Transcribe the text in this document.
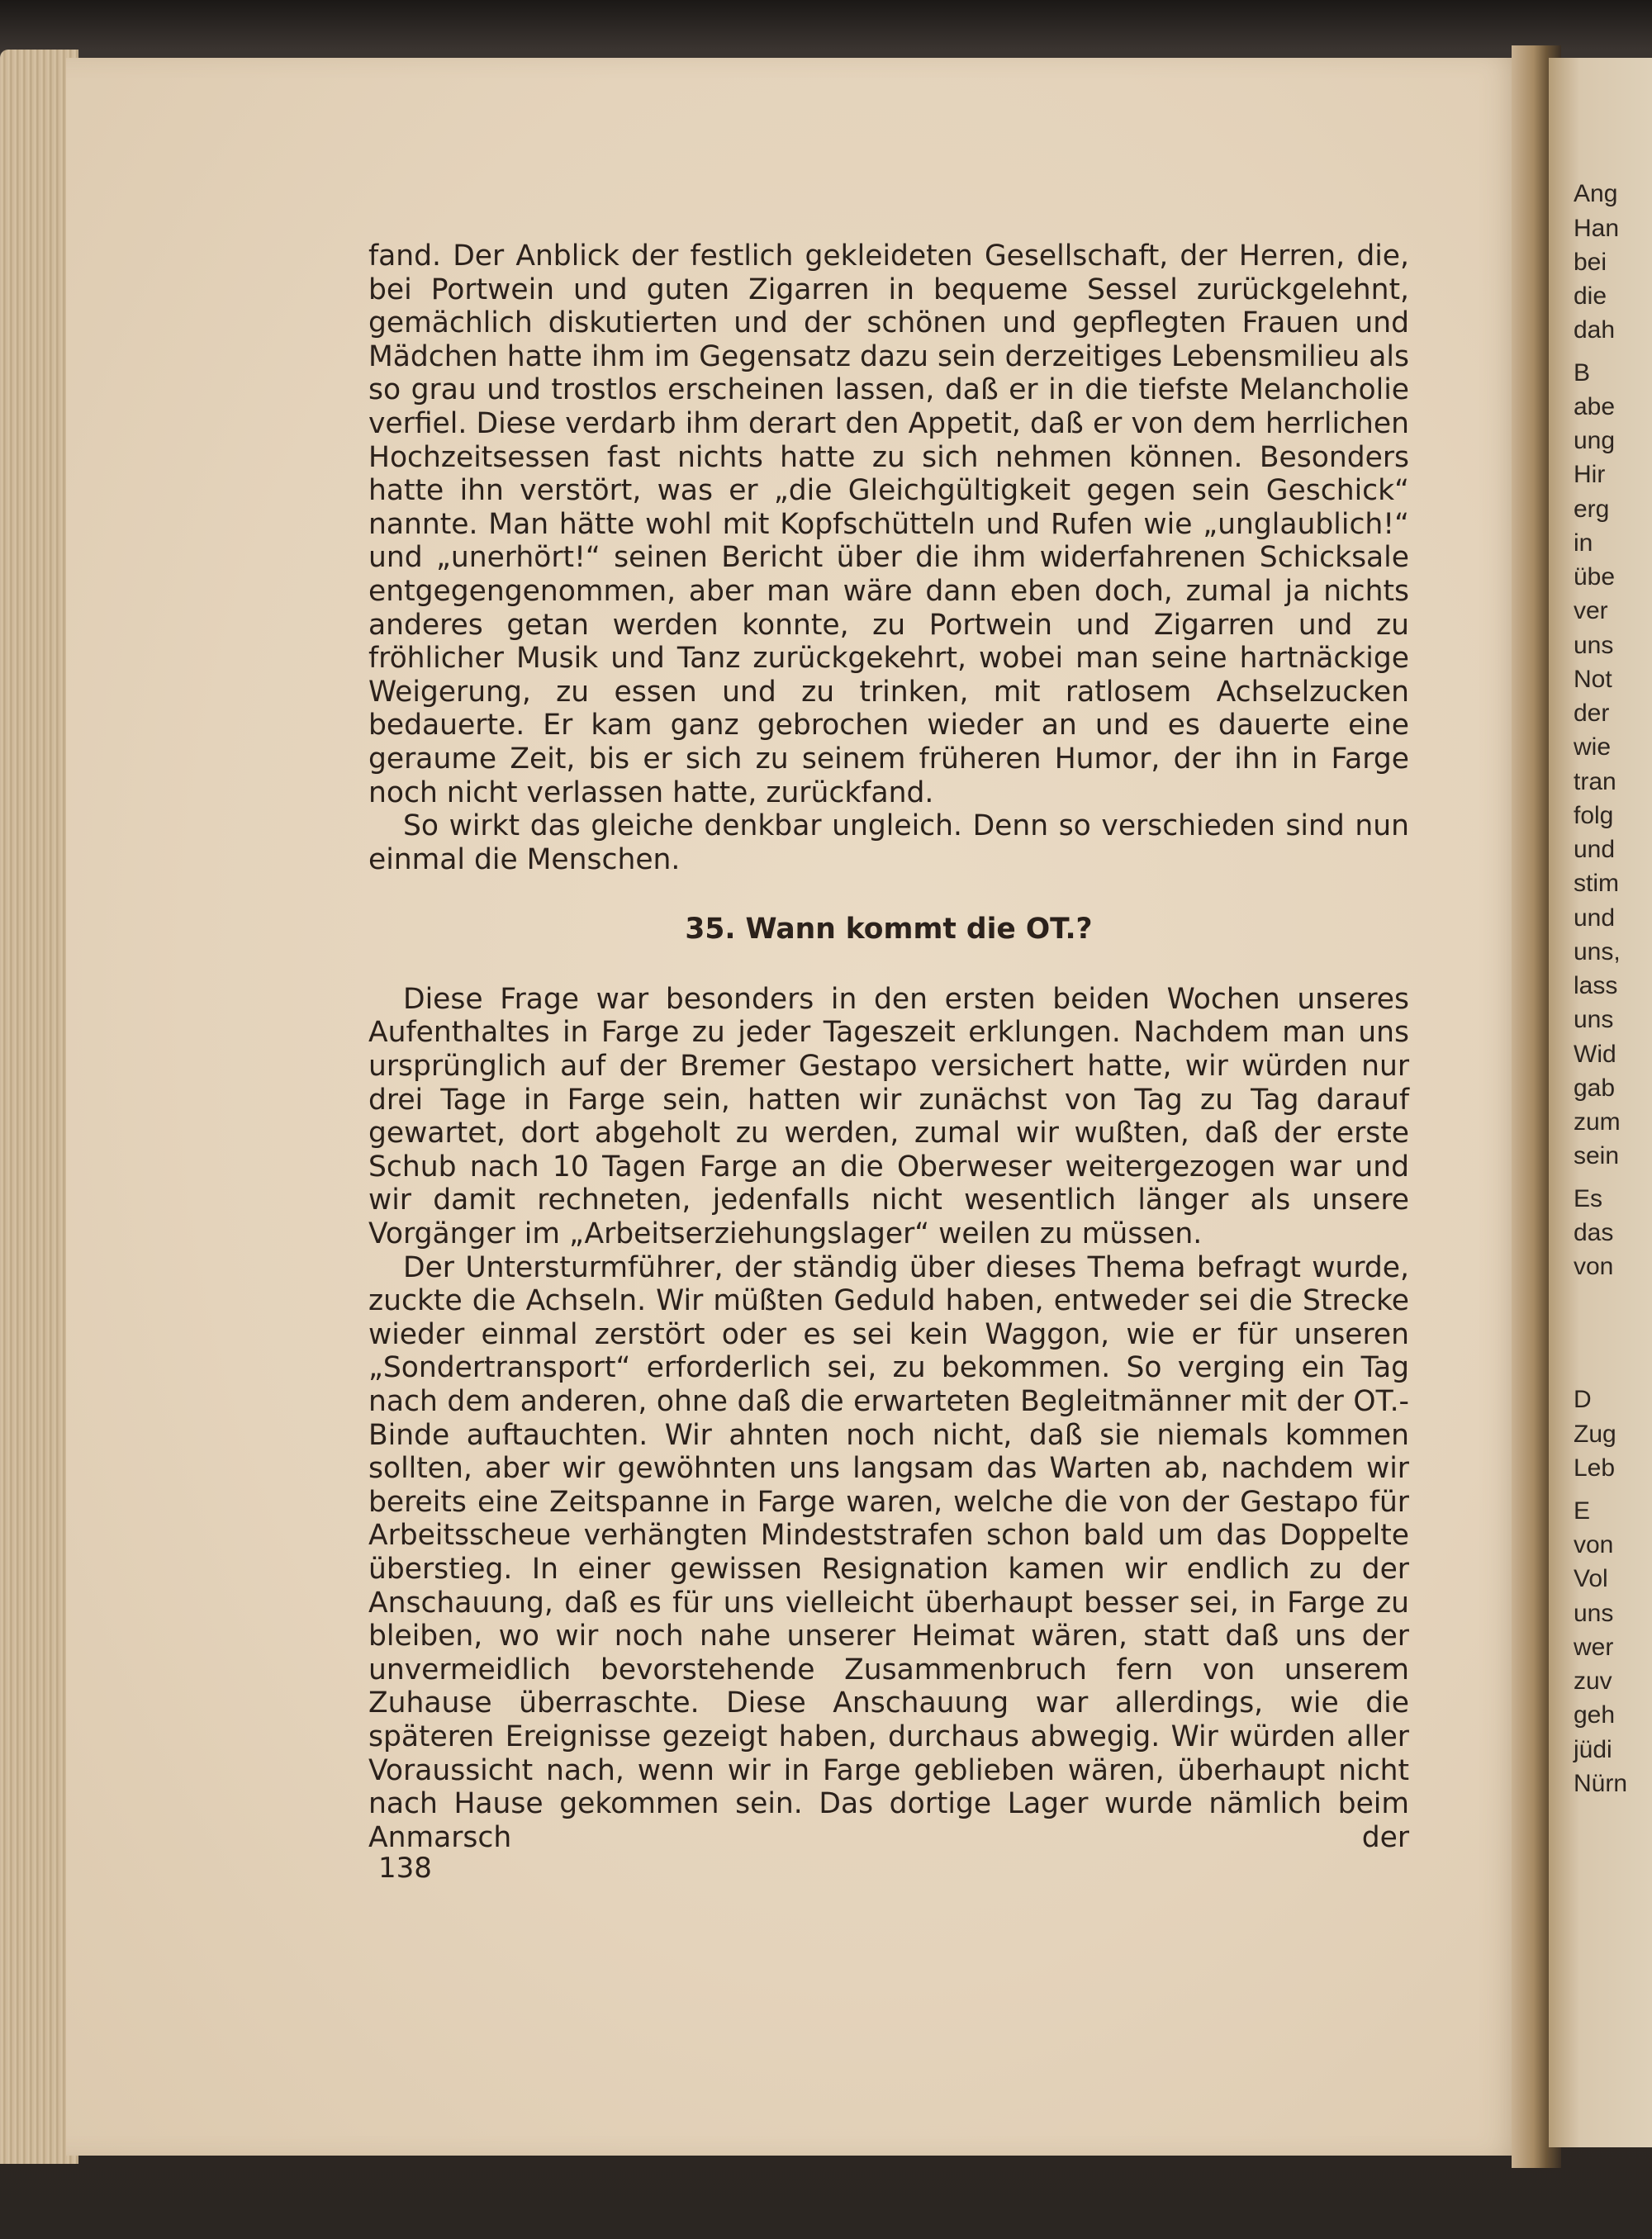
Ang
Han
bei
die
dah
B
abe
ung
Hir
erg
in
übe
ver
uns
Not
der
wie
tran
folg
und
stim
und
uns,
lass
uns
Wid
gab
zum
sein
Es
das
von
D
Zug
Leb
E
von
Vol
uns
wer
zuv
geh
jüdi
Nürn

fand. Der Anblick der festlich gekleideten Gesellschaft, der Herren, die, bei Portwein und guten Zigarren in bequeme Sessel zurückgelehnt, gemächlich diskutierten und der schönen und gepflegten Frauen und Mädchen hatte ihm im Gegensatz dazu sein derzeitiges Lebensmilieu als so grau und trostlos erscheinen lassen, daß er in die tiefste Melancholie verfiel. Diese verdarb ihm derart den Appetit, daß er von dem herrlichen Hochzeitsessen fast nichts hatte zu sich nehmen können. Besonders hatte ihn verstört, was er „die Gleichgültigkeit gegen sein Geschick“ nannte. Man hätte wohl mit Kopfschütteln und Rufen wie „unglaublich!“ und „unerhört!“ seinen Bericht über die ihm widerfahrenen Schicksale entgegengenommen, aber man wäre dann eben doch, zumal ja nichts anderes getan werden konnte, zu Portwein und Zigarren und zu fröhlicher Musik und Tanz zurückgekehrt, wobei man seine hartnäckige Weigerung, zu essen und zu trinken, mit ratlosem Achselzucken bedauerte. Er kam ganz gebrochen wieder an und es dauerte eine geraume Zeit, bis er sich zu seinem früheren Humor, der ihn in Farge noch nicht verlassen hatte, zurückfand.

So wirkt das gleiche denkbar ungleich. Denn so verschieden sind nun einmal die Menschen.

35. Wann kommt die OT.?

Diese Frage war besonders in den ersten beiden Wochen unseres Aufenthaltes in Farge zu jeder Tageszeit erklungen. Nachdem man uns ursprünglich auf der Bremer Gestapo versichert hatte, wir würden nur drei Tage in Farge sein, hatten wir zunächst von Tag zu Tag darauf gewartet, dort abgeholt zu werden, zumal wir wußten, daß der erste Schub nach 10 Tagen Farge an die Oberweser weitergezogen war und wir damit rechneten, jedenfalls nicht wesentlich länger als unsere Vorgänger im „Arbeitserziehungslager“ weilen zu müssen.

Der Untersturmführer, der ständig über dieses Thema befragt wurde, zuckte die Achseln. Wir müßten Geduld haben, entweder sei die Strecke wieder einmal zerstört oder es sei kein Waggon, wie er für unseren „Sondertransport“ erforderlich sei, zu bekommen. So verging ein Tag nach dem anderen, ohne daß die erwarteten Begleitmänner mit der OT.-Binde auftauchten. Wir ahnten noch nicht, daß sie niemals kommen sollten, aber wir gewöhnten uns langsam das Warten ab, nachdem wir bereits eine Zeitspanne in Farge waren, welche die von der Gestapo für Arbeitsscheue verhängten Mindeststrafen schon bald um das Doppelte überstieg. In einer gewissen Resignation kamen wir endlich zu der Anschauung, daß es für uns vielleicht überhaupt besser sei, in Farge zu bleiben, wo wir noch nahe unserer Heimat wären, statt daß uns der unvermeidlich bevorstehende Zusammenbruch fern von unserem Zuhause überraschte. Diese Anschauung war allerdings, wie die späteren Ereignisse gezeigt haben, durchaus abwegig. Wir würden aller Voraussicht nach, wenn wir in Farge geblieben wären, überhaupt nicht nach Hause gekommen sein. Das dortige Lager wurde nämlich beim Anmarsch der

138
